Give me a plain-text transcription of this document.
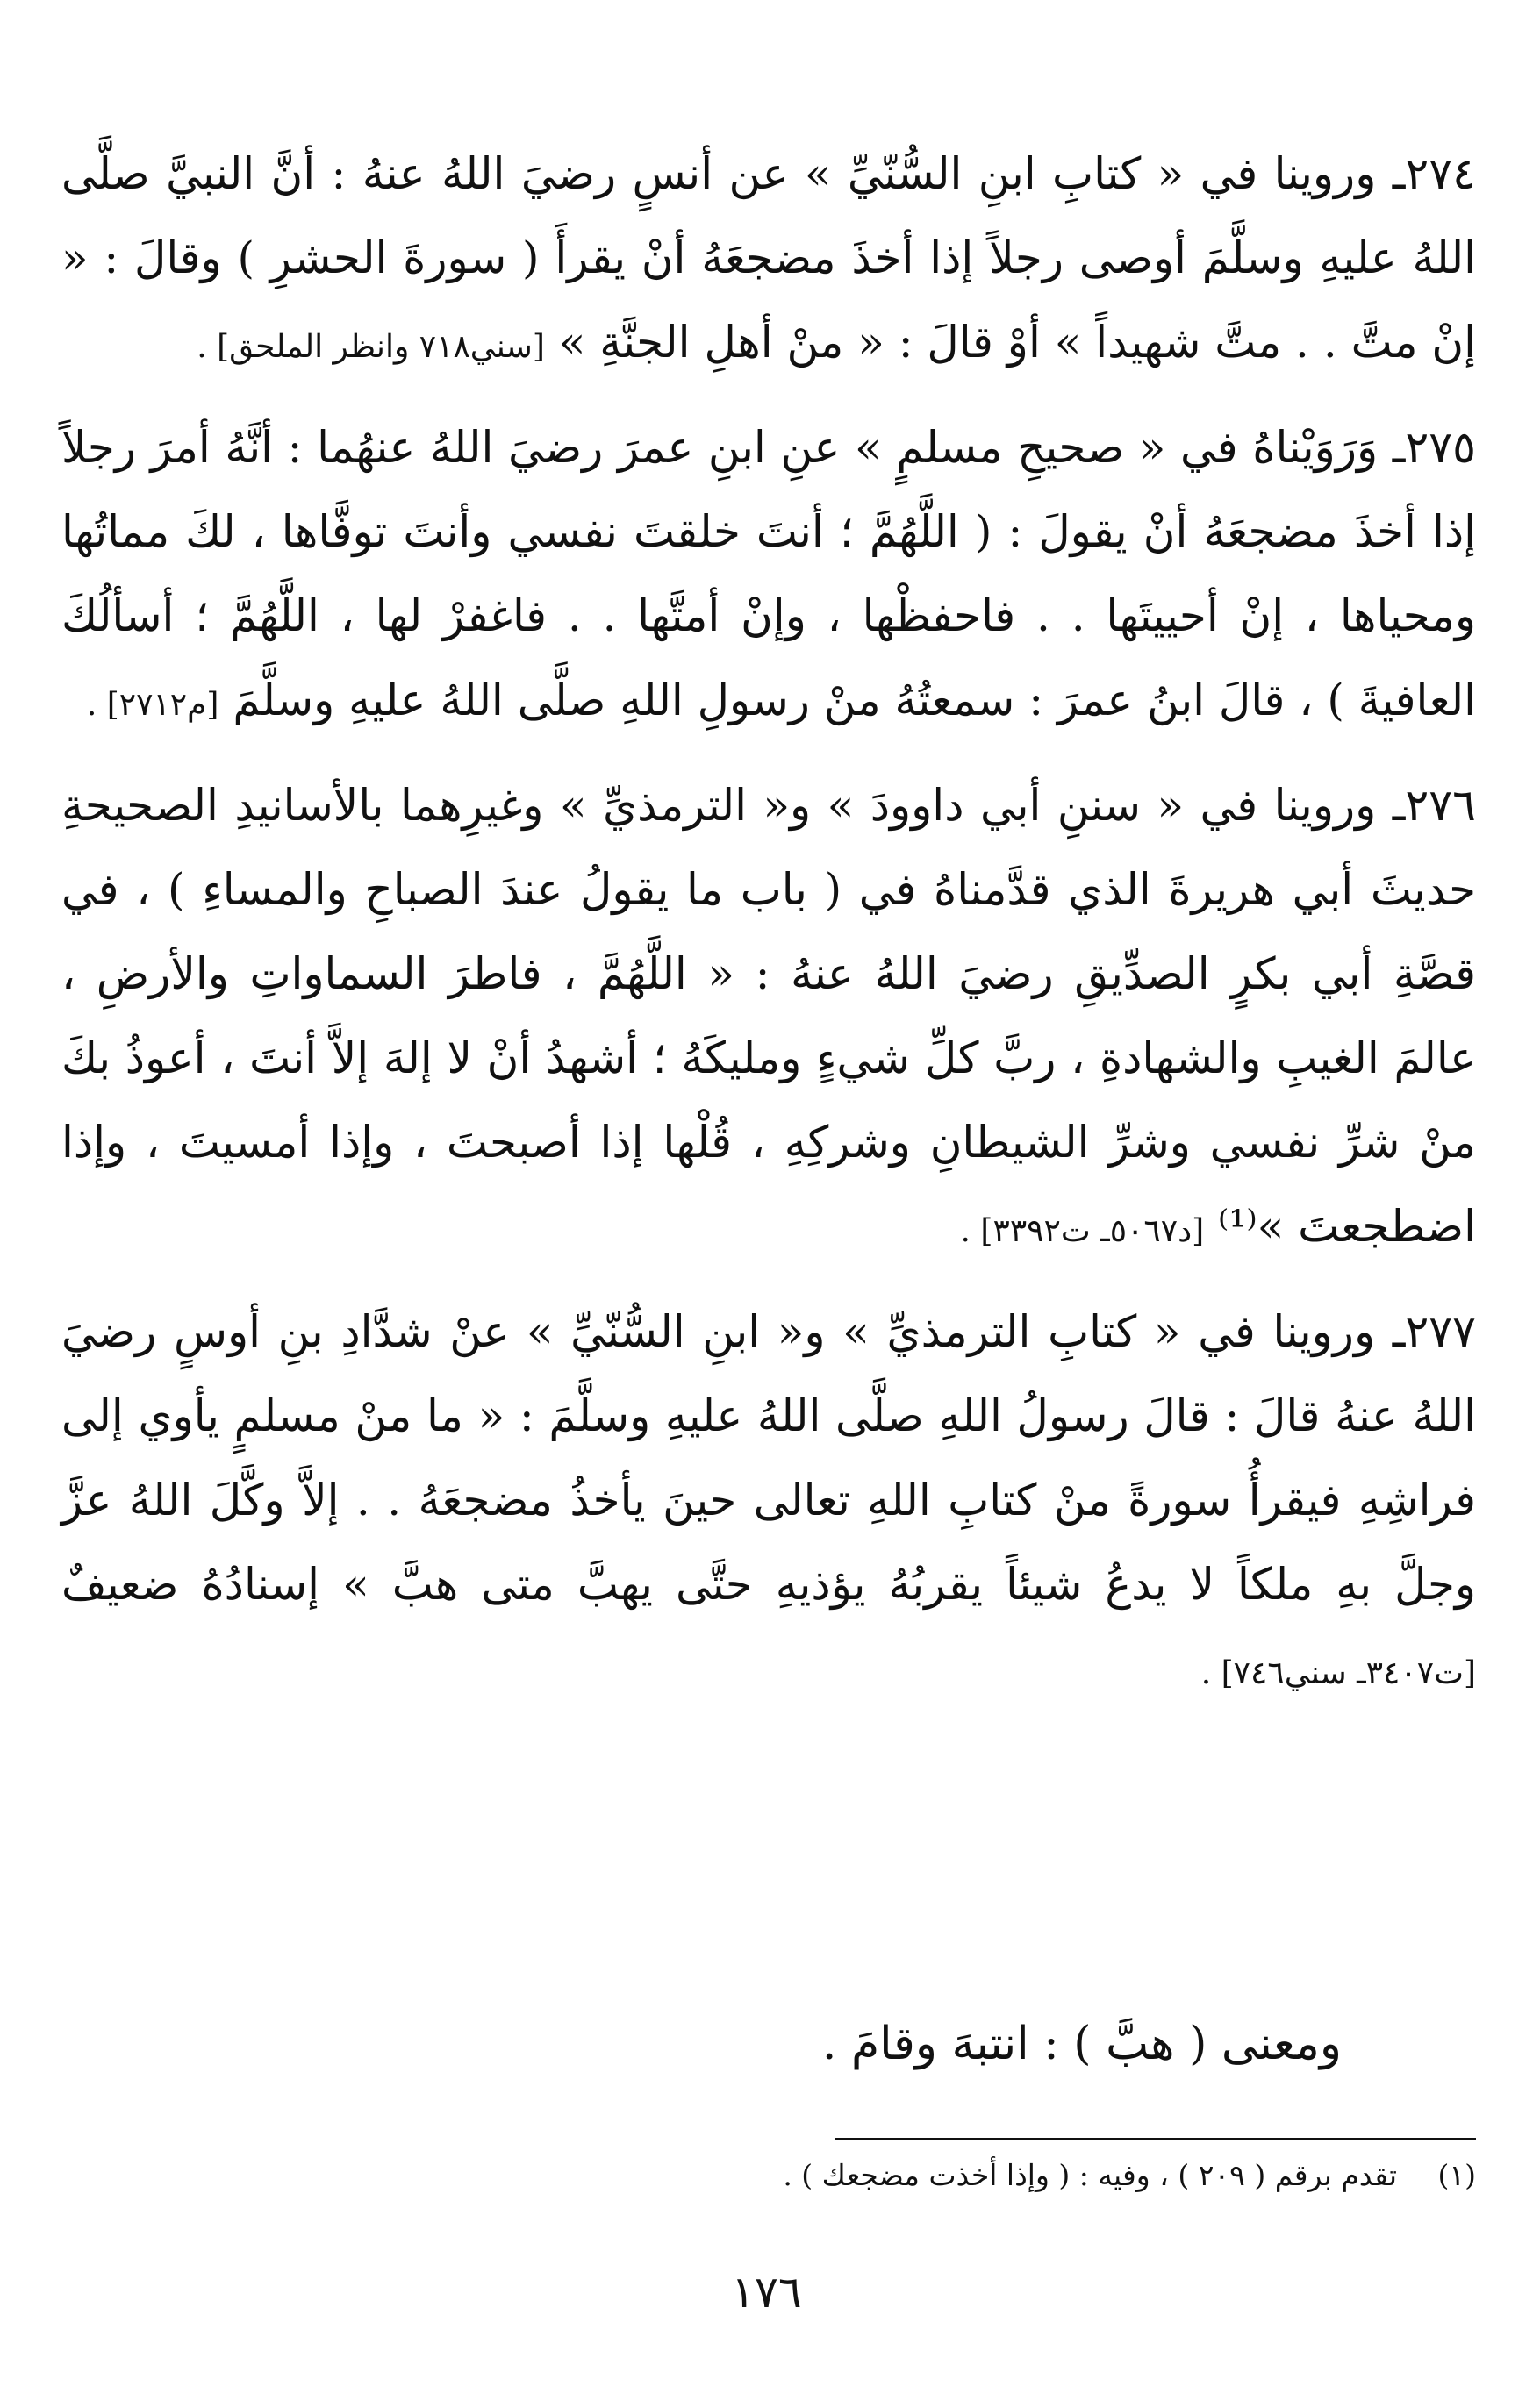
٢٧٤ـ وروينا في « كتابِ ابنِ السُّنّيِّ » عن أنسٍ رضيَ اللهُ عنهُ : أنَّ النبيَّ صلَّى اللهُ عليهِ وسلَّمَ أوصى رجلاً إذا أخذَ مضجعَهُ أنْ يقرأَ ( سورةَ الحشرِ ) وقالَ : « إنْ متَّ . . متَّ شهيداً » أوْ قالَ : « منْ أهلِ الجنَّةِ » [سني٧١٨ وانظر الملحق] .

٢٧٥ـ وَرَوَيْناهُ في « صحيحِ مسلمٍ » عنِ ابنِ عمرَ رضيَ اللهُ عنهُما : أنَّهُ أمرَ رجلاً إذا أخذَ مضجعَهُ أنْ يقولَ : ( اللَّهُمَّ ؛ أنتَ خلقتَ نفسي وأنتَ توفَّاها ، لكَ مماتُها ومحياها ، إنْ أحييتَها . . فاحفظْها ، وإنْ أمتَّها . . فاغفرْ لها ، اللَّهُمَّ ؛ أسألُكَ العافيةَ ) ، قالَ ابنُ عمرَ : سمعتُهُ منْ رسولِ اللهِ صلَّى اللهُ عليهِ وسلَّمَ [م٢٧١٢] .

٢٧٦ـ وروينا في « سننِ أبي داوودَ » و« الترمذيِّ » وغيرِهما بالأسانيدِ الصحيحةِ حديثَ أبي هريرةَ الذي قدَّمناهُ في ( باب ما يقولُ عندَ الصباحِ والمساءِ ) ، في قصَّةِ أبي بكرٍ الصدِّيقِ رضيَ اللهُ عنهُ : « اللَّهُمَّ ، فاطرَ السماواتِ والأرضِ ، عالمَ الغيبِ والشهادةِ ، ربَّ كلِّ شيءٍ ومليكَهُ ؛ أشهدُ أنْ لا إلهَ إلاَّ أنتَ ، أعوذُ بكَ منْ شرِّ نفسي وشرِّ الشيطانِ وشركِهِ ، قُلْها إذا أصبحتَ ، وإذا أمسيتَ ، وإذا اضطجعتَ »⁽¹⁾ [د٥٠٦٧ـ ت٣٣٩٢] .

٢٧٧ـ وروينا في « كتابِ الترمذيِّ » و« ابنِ السُّنّيِّ » عنْ شدَّادِ بنِ أوسٍ رضيَ اللهُ عنهُ قالَ : قالَ رسولُ اللهِ صلَّى اللهُ عليهِ وسلَّمَ : « ما منْ مسلمٍ يأوي إلى فراشِهِ فيقرأُ سورةً منْ كتابِ اللهِ تعالى حينَ يأخذُ مضجعَهُ . . إلاَّ وكَّلَ اللهُ عزَّ وجلَّ بهِ ملكاً لا يدعُ شيئاً يقربُهُ يؤذيهِ حتَّى يهبَّ متى هبَّ » إسنادُهُ ضعيفٌ [ت٣٤٠٧ـ سني٧٤٦] .

ومعنى ( هبَّ ) : انتبهَ وقامَ .
(١) تقدم برقم ( ٢٠٩ ) ، وفيه : ( وإذا أخذت مضجعك ) .
١٧٦
